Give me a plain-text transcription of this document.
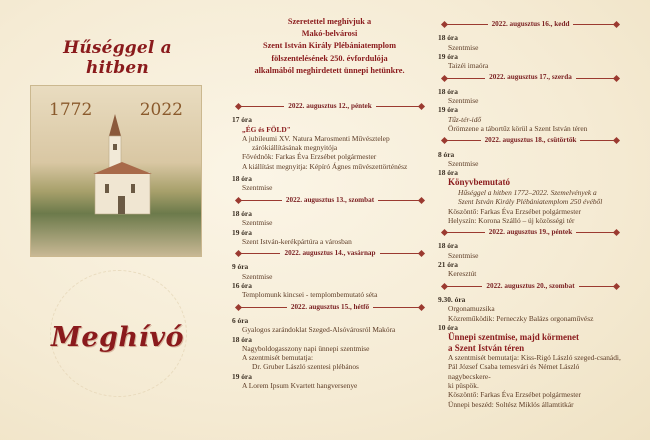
Hűséggel a hitben
1772	2022
Meghívó
Szeretettel meghívjuk a
Makó-belvárosi
Szent István Király Plébániatemplom
fölszentelésének 250. évfordulója
alkalmából meghirdetett ünnepi hetünkre.
2022. augusztus 12., péntek
17 óra
„ÉG és FÖLD"
A jubileumi XV. Natura Marosmenti Művésztelep
zárókiállításának megnyitója
Fővédnök: Farkas Éva Erzsébet polgármester
A kiállítást megnyitja: Képíró Ágnes művészettörténész
18 óra
Szentmise
2022. augusztus 13., szombat
18 óra
Szentmise
19 óra
Szent István-kerékpártúra a városban
2022. augusztus 14., vasárnap
9 óra
Szentmise
16 óra
Templomunk kincsei - templombemutató séta
2022. augusztus 15., hétfő
6 óra
Gyalogos zarándoklat Szeged-Alsóvárosról Makóra
18 óra
Nagyboldogasszony napi ünnepi szentmise
A szentmisét bemutatja:
Dr. Gruber László szentesi plébános
19 óra
A Lorem Ipsum Kvartett hangversenye
2022. augusztus 16., kedd
18 óra
Szentmise
19 óra
Taizéi imaóra
2022. augusztus 17., szerda
18 óra
Szentmise
19 óra
Tűz-tér-idő
Örömzene a tábortűz körül a Szent István téren
2022. augusztus 18., csütörtök
8 óra
Szentmise
18 óra
Könyvbemutató
Hűséggel a hitben 1772–2022. Szemelvények a
Szent István Király Plébániatemplom 250 évéből
Köszöntő: Farkas Éva Erzsébet polgármester
Helyszín: Korona Szálló – új közösségi tér
2022. augusztus 19., péntek
18 óra
Szentmise
21 óra
Keresztút
2022. augusztus 20., szombat
9.30. óra
Orgonamuzsika
Közreműködik: Perneczky Balázs orgonaművész
10 óra
Ünnepi szentmise, majd körmenet
a Szent István téren
A szentmisét bemutatja: Kiss-Rigó László szeged-csanádi,
Pál József Csaba temesvári és Német László nagybecskere-
ki püspök.
Köszöntő: Farkas Éva Erzsébet polgármester
Ünnepi beszéd: Soltész Miklós államtitkár
